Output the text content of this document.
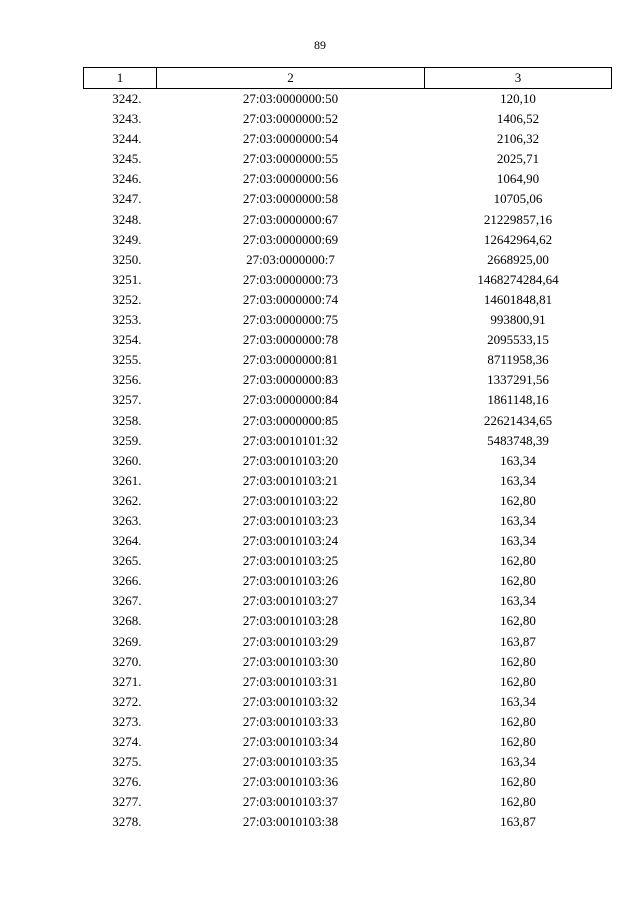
89
1	2	3
3242.	27:03:0000000:50	120,10
3243.	27:03:0000000:52	1406,52
3244.	27:03:0000000:54	2106,32
3245.	27:03:0000000:55	2025,71
3246.	27:03:0000000:56	1064,90
3247.	27:03:0000000:58	10705,06
3248.	27:03:0000000:67	21229857,16
3249.	27:03:0000000:69	12642964,62
3250.	27:03:0000000:7	2668925,00
3251.	27:03:0000000:73	1468274284,64
3252.	27:03:0000000:74	14601848,81
3253.	27:03:0000000:75	993800,91
3254.	27:03:0000000:78	2095533,15
3255.	27:03:0000000:81	8711958,36
3256.	27:03:0000000:83	1337291,56
3257.	27:03:0000000:84	1861148,16
3258.	27:03:0000000:85	22621434,65
3259.	27:03:0010101:32	5483748,39
3260.	27:03:0010103:20	163,34
3261.	27:03:0010103:21	163,34
3262.	27:03:0010103:22	162,80
3263.	27:03:0010103:23	163,34
3264.	27:03:0010103:24	163,34
3265.	27:03:0010103:25	162,80
3266.	27:03:0010103:26	162,80
3267.	27:03:0010103:27	163,34
3268.	27:03:0010103:28	162,80
3269.	27:03:0010103:29	163,87
3270.	27:03:0010103:30	162,80
3271.	27:03:0010103:31	162,80
3272.	27:03:0010103:32	163,34
3273.	27:03:0010103:33	162,80
3274.	27:03:0010103:34	162,80
3275.	27:03:0010103:35	163,34
3276.	27:03:0010103:36	162,80
3277.	27:03:0010103:37	162,80
3278.	27:03:0010103:38	163,87
